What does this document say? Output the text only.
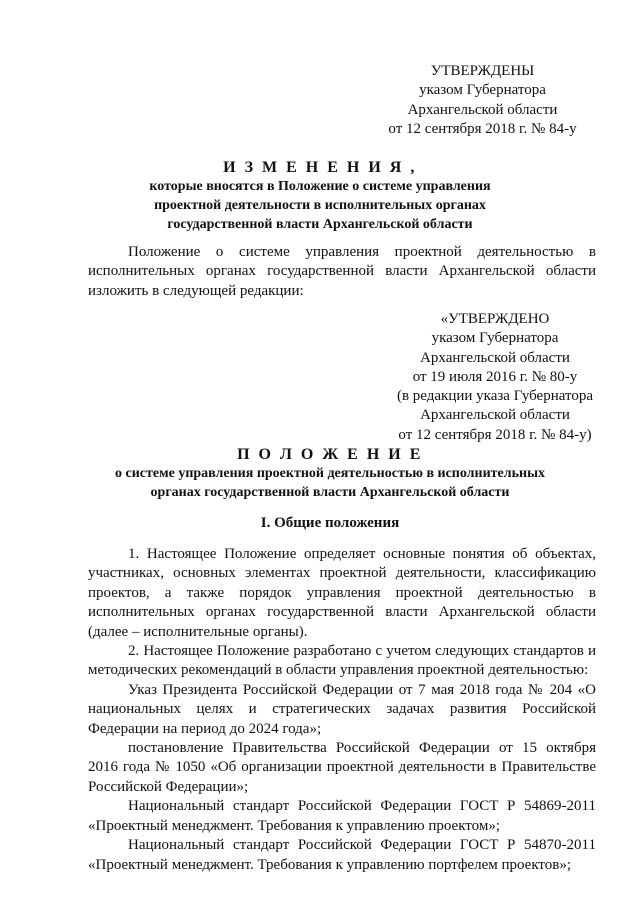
УТВЕРЖДЕНЫ
указом Губернатора
Архангельской области
от 12 сентября 2018 г. № 84-у
И З М Е Н Е Н И Я ,
которые вносятся в Положение о системе управления
проектной деятельности в исполнительных органах
государственной власти Архангельской области

Положение о системе управления проектной деятельностью в исполнительных органах государственной власти Архангельской области изложить в следующей редакции:

«УТВЕРЖДЕНО
указом Губернатора
Архангельской области
от 19 июля 2016 г. № 80-у
(в редакции указа Губернатора
Архангельской области
от 12 сентября 2018 г. № 84-у)
П О Л О Ж Е Н И Е
о системе управления проектной деятельностью в исполнительных
органах государственной власти Архангельской области
I. Общие положения

1. Настоящее Положение определяет основные понятия об объектах, участниках, основных элементах проектной деятельности, классификацию проектов, а также порядок управления проектной деятельностью в исполнительных органах государственной власти Архангельской области (далее – исполнительные органы).

2. Настоящее Положение разработано с учетом следующих стандартов и методических рекомендаций в области управления проектной деятельностью:

Указ Президента Российской Федерации от 7 мая 2018 года № 204 «О национальных целях и стратегических задачах развития Российской Федерации на период до 2024 года»;

постановление Правительства Российской Федерации от 15 октября 2016 года № 1050 «Об организации проектной деятельности в Правительстве Российской Федерации»;

Национальный стандарт Российской Федерации ГОСТ Р 54869-2011 «Проектный менеджмент. Требования к управлению проектом»;

Национальный стандарт Российской Федерации ГОСТ Р 54870-2011 «Проектный менеджмент. Требования к управлению портфелем проектов»;
